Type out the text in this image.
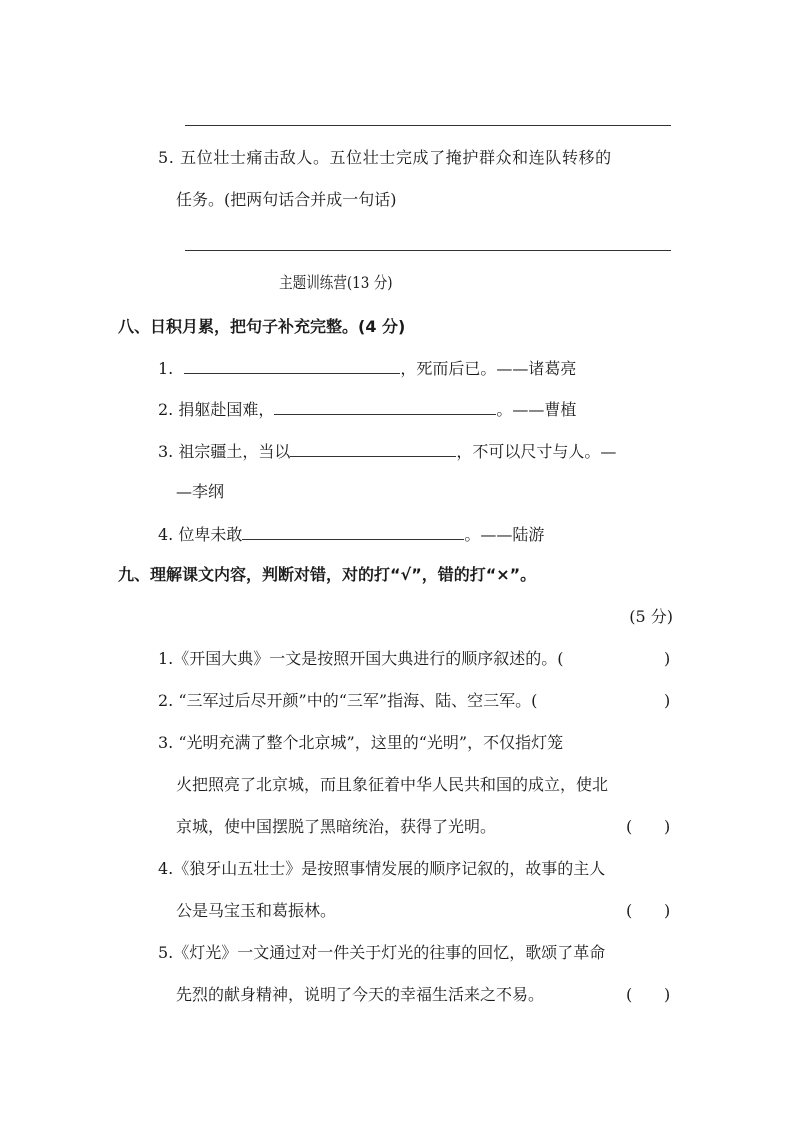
5. 五位壮士痛击敌人。五位壮士完成了掩护群众和连队转移的
任务。(把两句话合并成一句话)
主题训练营(13 分)
八、日积月累，把句子补充完整。(4 分)
1.	，死而后已。——诸葛亮
2. 捐躯赴国难，	。——曹植
3. 祖宗疆土，当以	，不可以尺寸与人。—
—李纲
4. 位卑未敢	。——陆游
九、理解课文内容，判断对错，对的打“√”，错的打“×”。
(5 分)
1.《开国大典》一文是按照开国大典进行的顺序叙述的。(	)
2. “三军过后尽开颜”中的“三军”指海、陆、空三军。(	)
3. “光明充满了整个北京城”，这里的“光明”，不仅指灯笼
火把照亮了北京城，而且象征着中华人民共和国的成立，使北
京城，使中国摆脱了黑暗统治，获得了光明。	( )
4.《狼牙山五壮士》是按照事情发展的顺序记叙的，故事的主人
公是马宝玉和葛振林。	( )
5.《灯光》一文通过对一件关于灯光的往事的回忆，歌颂了革命
先烈的献身精神，说明了今天的幸福生活来之不易。	( )
